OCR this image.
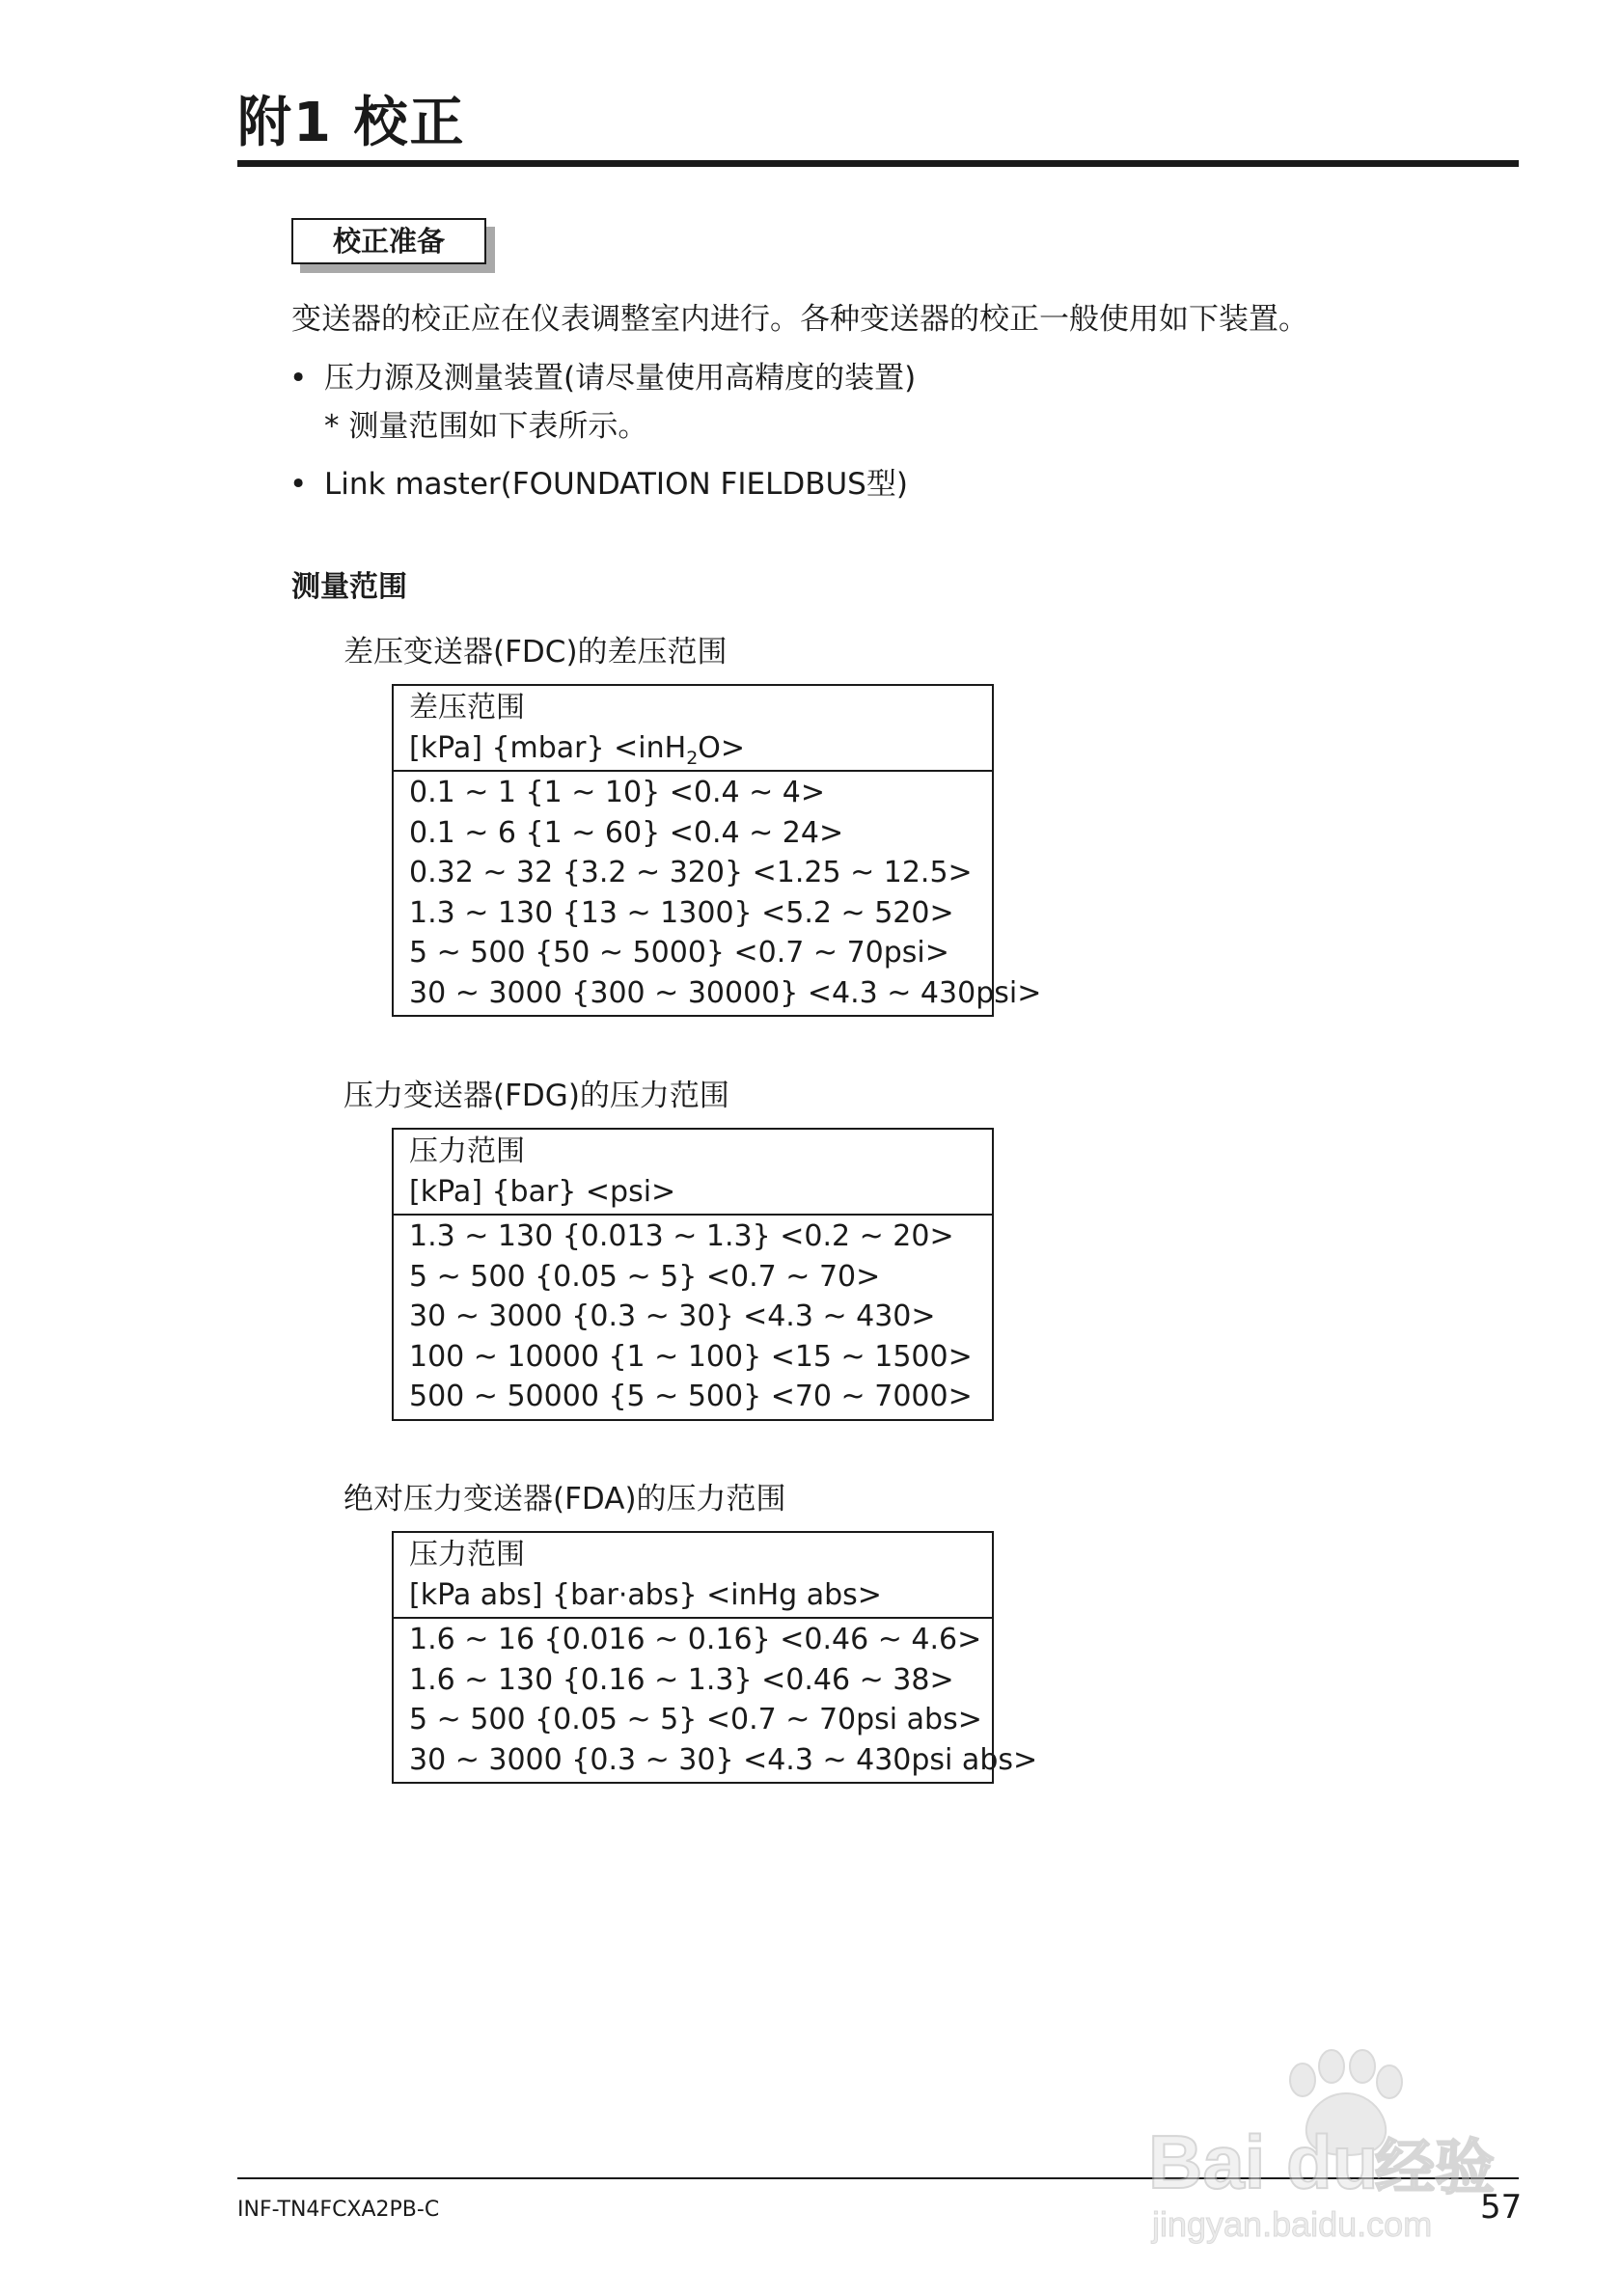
附1 校正
校正准备
变送器的校正应在仪表调整室内进行。各种变送器的校正一般使用如下装置。
• 压力源及测量装置(请尽量使用高精度的装置)
* 测量范围如下表所示。
• Link master(FOUNDATION FIELDBUS型)
测量范围
差压变送器(FDC)的差压范围
差压范围
[kPa] {mbar} <inH$_2$O>
0.1 ~ 1 {1 ~ 10} <0.4 ~ 4>
0.1 ~ 6 {1 ~ 60} <0.4 ~ 24>
0.32 ~ 32 {3.2 ~ 320} <1.25 ~ 12.5>
1.3 ~ 130 {13 ~ 1300} <5.2 ~ 520>
5 ~ 500 {50 ~ 5000} <0.7 ~ 70psi>
30 ~ 3000 {300 ~ 30000} <4.3 ~ 430psi>
压力变送器(FDG)的压力范围
压力范围
[kPa] {bar} <psi>
1.3 ~ 130 {0.013 ~ 1.3} <0.2 ~ 20>
5 ~ 500 {0.05 ~ 5} <0.7 ~ 70>
30 ~ 3000 {0.3 ~ 30} <4.3 ~ 430>
100 ~ 10000 {1 ~ 100} <15 ~ 1500>
500 ~ 50000 {5 ~ 500} <70 ~ 7000>
绝对压力变送器(FDA)的压力范围
压力范围
[kPa abs] {bar·abs} <inHg abs>
1.6 ~ 16 {0.016 ~ 0.16} <0.46 ~ 4.6>
1.6 ~ 130 {0.16 ~ 1.3} <0.46 ~ 38>
5 ~ 500 {0.05 ~ 5} <0.7 ~ 70psi abs>
30 ~ 3000 {0.3 ~ 30} <4.3 ~ 430psi abs>
INF-TN4FCXA2PB-C
Bai du
经验
jingyan.baidu.com 57
